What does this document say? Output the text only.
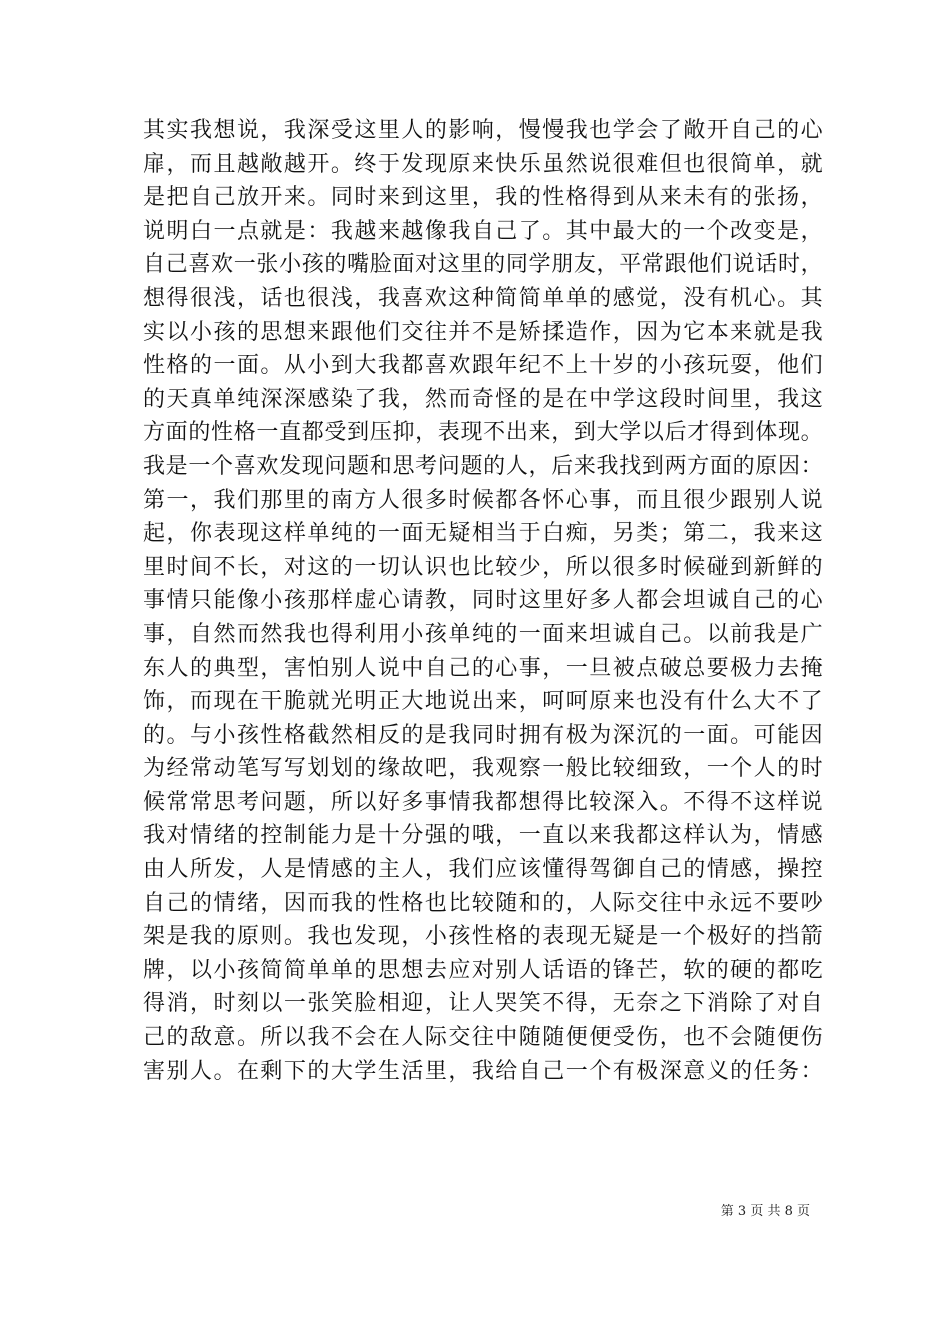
其实我想说，我深受这里人的影响，慢慢我也学会了敞开自己的心
扉，而且越敞越开。终于发现原来快乐虽然说很难但也很简单，就
是把自己放开来。同时来到这里，我的性格得到从来未有的张扬，
说明白一点就是：我越来越像我自己了。其中最大的一个改变是，
自己喜欢一张小孩的嘴脸面对这里的同学朋友，平常跟他们说话时，
想得很浅，话也很浅，我喜欢这种简简单单的感觉，没有机心。其
实以小孩的思想来跟他们交往并不是矫揉造作，因为它本来就是我
性格的一面。从小到大我都喜欢跟年纪不上十岁的小孩玩耍，他们
的天真单纯深深感染了我，然而奇怪的是在中学这段时间里，我这
方面的性格一直都受到压抑，表现不出来，到大学以后才得到体现。
我是一个喜欢发现问题和思考问题的人，后来我找到两方面的原因：
第一，我们那里的南方人很多时候都各怀心事，而且很少跟别人说
起，你表现这样单纯的一面无疑相当于白痴，另类；第二，我来这
里时间不长，对这的一切认识也比较少，所以很多时候碰到新鲜的
事情只能像小孩那样虚心请教，同时这里好多人都会坦诚自己的心
事，自然而然我也得利用小孩单纯的一面来坦诚自己。以前我是广
东人的典型，害怕别人说中自己的心事，一旦被点破总要极力去掩
饰，而现在干脆就光明正大地说出来，呵呵原来也没有什么大不了
的。与小孩性格截然相反的是我同时拥有极为深沉的一面。可能因
为经常动笔写写划划的缘故吧，我观察一般比较细致，一个人的时
候常常思考问题，所以好多事情我都想得比较深入。不得不这样说
我对情绪的控制能力是十分强的哦，一直以来我都这样认为，情感
由人所发，人是情感的主人，我们应该懂得驾御自己的情感，操控
自己的情绪，因而我的性格也比较随和的，人际交往中永远不要吵
架是我的原则。我也发现，小孩性格的表现无疑是一个极好的挡箭
牌，以小孩简简单单的思想去应对别人话语的锋芒，软的硬的都吃
得消，时刻以一张笑脸相迎，让人哭笑不得，无奈之下消除了对自
己的敌意。所以我不会在人际交往中随随便便受伤，也不会随便伤
害别人。在剩下的大学生活里，我给自己一个有极深意义的任务：
第 3 页 共 8 页
